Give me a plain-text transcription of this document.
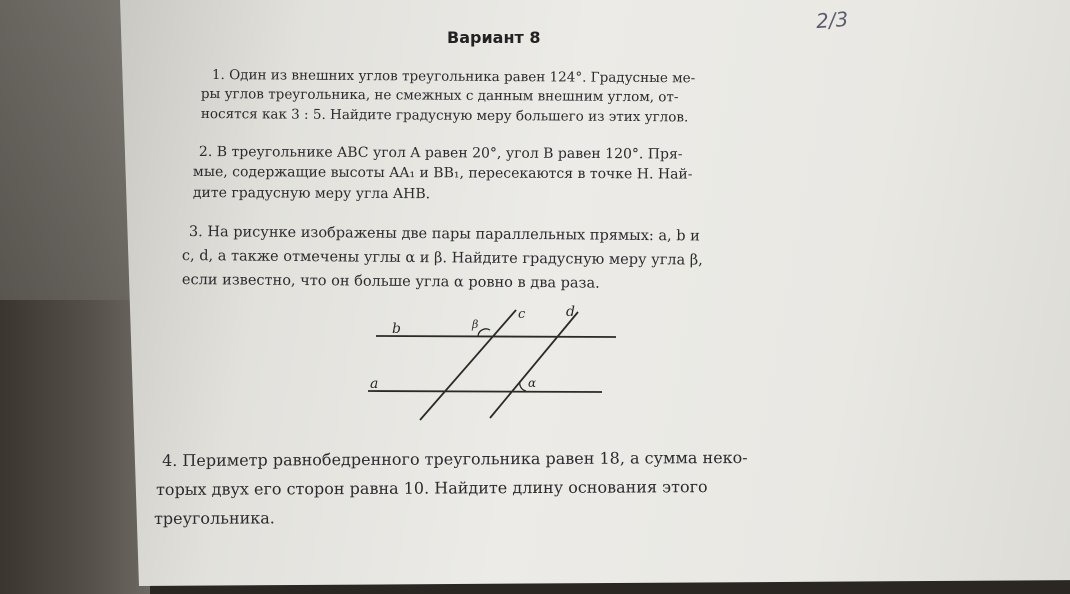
2/3
Вариант 8
1. Один из внешних углов треугольника равен 124°. Градусные ме-
ры углов треугольника, не смежных с данным внешним углом, от-
носятся как 3 : 5. Найдите градусную меру большего из этих углов.
2. В треугольнике ABC угол A равен 20°, угол B равен 120°. Пря-
мые, содержащие высоты AA₁ и BB₁, пересекаются в точке H. Най-
дите градусную меру угла AHB.
3. На рисунке изображены две пары параллельных прямых: a, b и
c, d, а также отмечены углы α и β. Найдите градусную меру угла β,
если известно, что он больше угла α ровно в два раза.
b
a
c	d
β
α
4. Периметр равнобедренного треугольника равен 18, а сумма неко-
торых двух его сторон равна 10. Найдите длину основания этого
треугольника.
